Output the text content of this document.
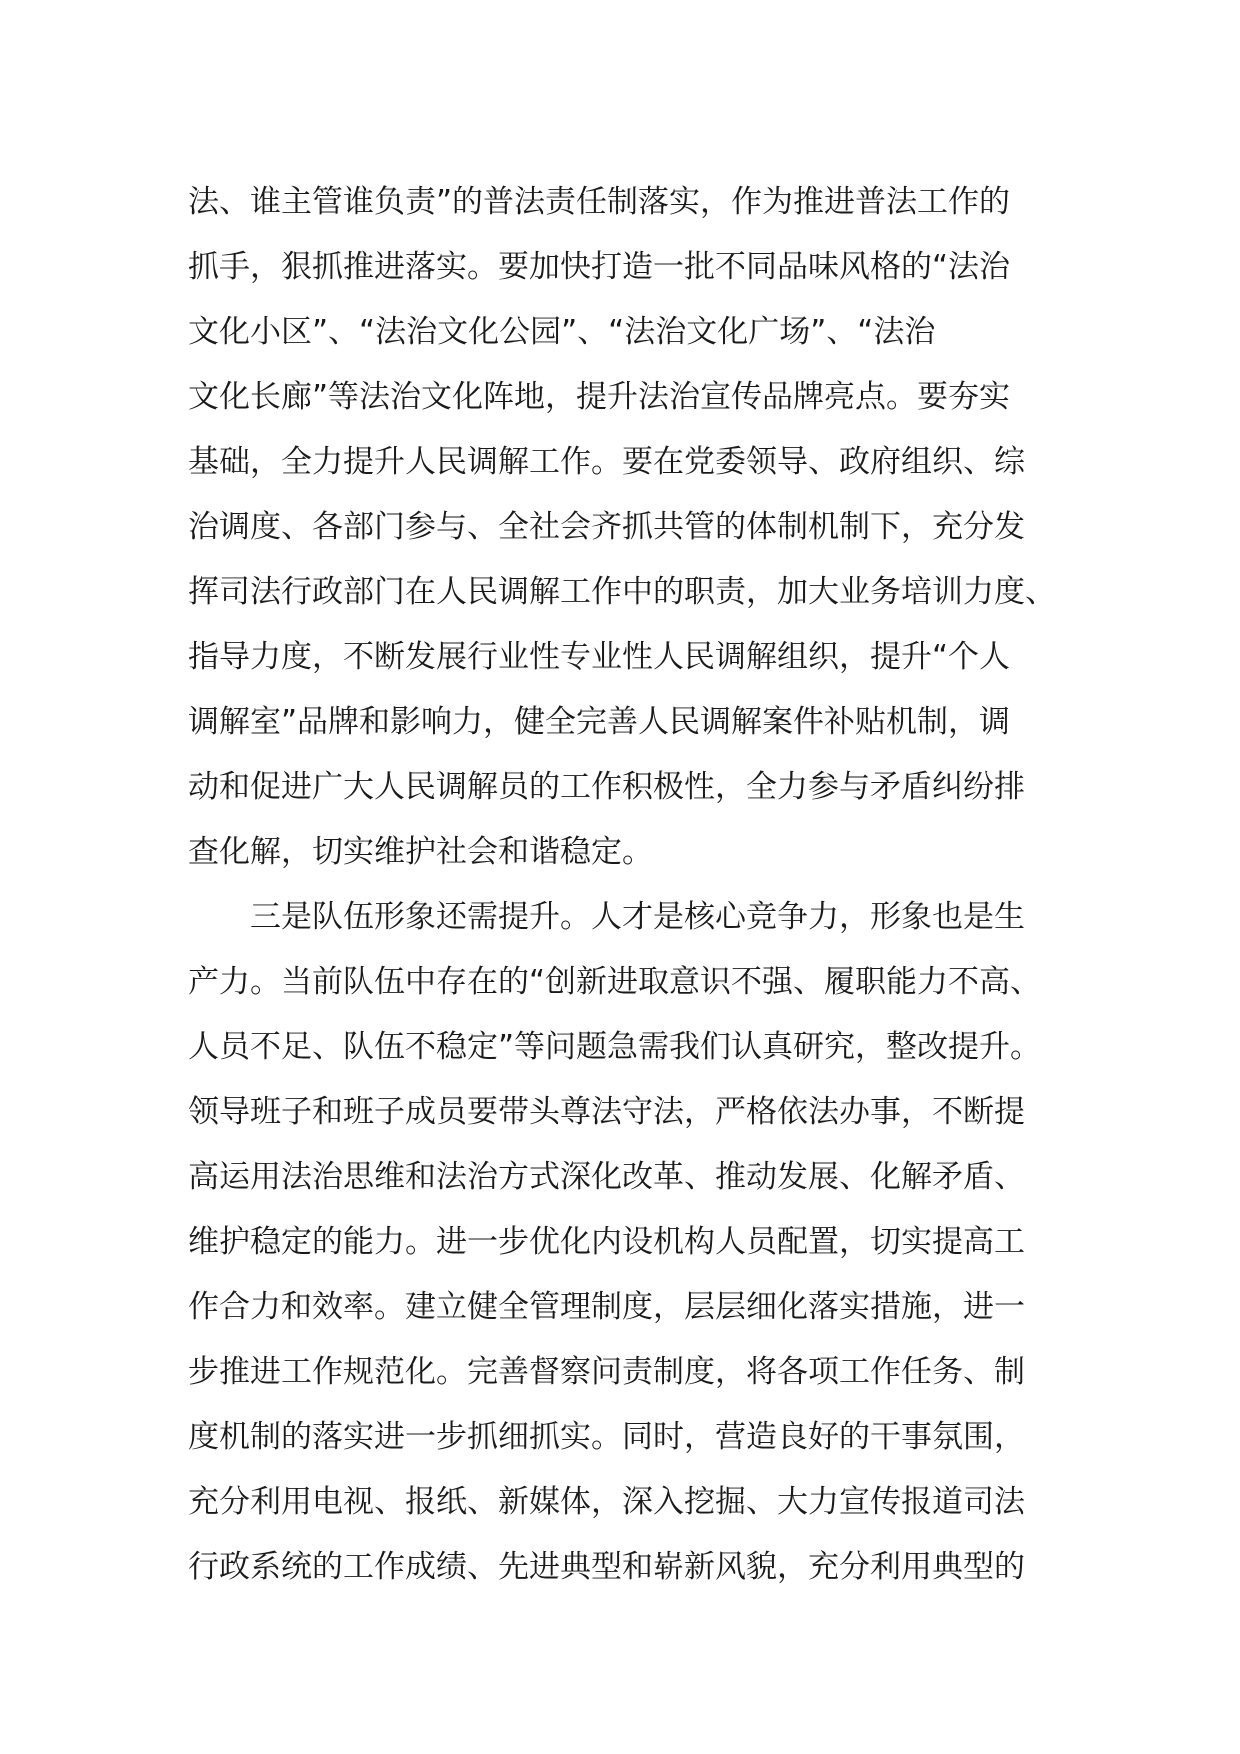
法、谁主管谁负责”的普法责任制落实，作为推进普法工作的
抓手，狠抓推进落实。要加快打造一批不同品味风格的“法治
文化小区”、“法治文化公园”、“法治文化广场”、“法治
文化长廊”等法治文化阵地，提升法治宣传品牌亮点。要夯实
基础，全力提升人民调解工作。要在党委领导、政府组织、综
治调度、各部门参与、全社会齐抓共管的体制机制下，充分发
挥司法行政部门在人民调解工作中的职责，加大业务培训力度、
指导力度，不断发展行业性专业性人民调解组织，提升“个人
调解室”品牌和影响力，健全完善人民调解案件补贴机制，调
动和促进广大人民调解员的工作积极性，全力参与矛盾纠纷排
查化解，切实维护社会和谐稳定。
三是队伍形象还需提升。人才是核心竞争力，形象也是生
产力。当前队伍中存在的“创新进取意识不强、履职能力不高、
人员不足、队伍不稳定”等问题急需我们认真研究，整改提升。
领导班子和班子成员要带头尊法守法，严格依法办事，不断提
高运用法治思维和法治方式深化改革、推动发展、化解矛盾、
维护稳定的能力。进一步优化内设机构人员配置，切实提高工
作合力和效率。建立健全管理制度，层层细化落实措施，进一
步推进工作规范化。完善督察问责制度，将各项工作任务、制
度机制的落实进一步抓细抓实。同时，营造良好的干事氛围，
充分利用电视、报纸、新媒体，深入挖掘、大力宣传报道司法
行政系统的工作成绩、先进典型和崭新风貌，充分利用典型的
